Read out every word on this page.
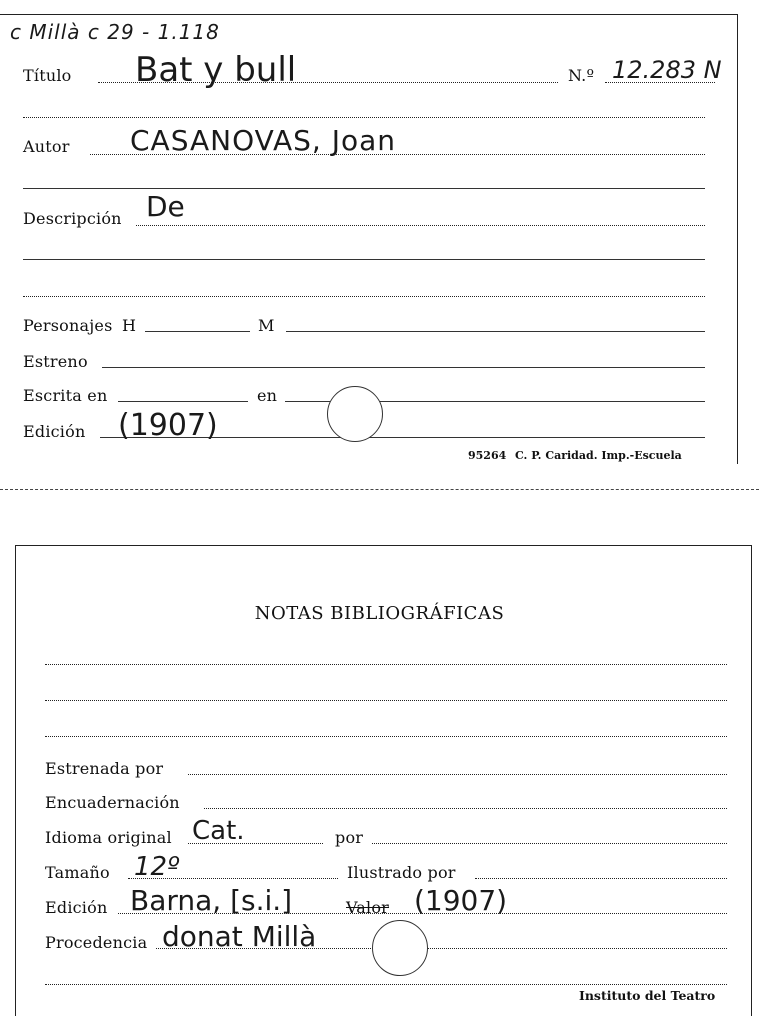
c Millà c 29 - 1.118
Título Bat y bull	N.º 12.283 N
Autor CASANOVAS, Joan
Descripción De
Personajes H	M
Estreno
Escrita en	en
Edición (1907)
95264 C. P. Caridad. Imp.-Escuela
NOTAS BIBLIOGRÁFICAS
Estrenada por
Encuadernación
Idioma original Cat.	por
Tamaño 12º	Ilustrado por
Edición Barna, [s.i.]	Valor (1907)
Procedencia donat Millà
Instituto del Teatro
